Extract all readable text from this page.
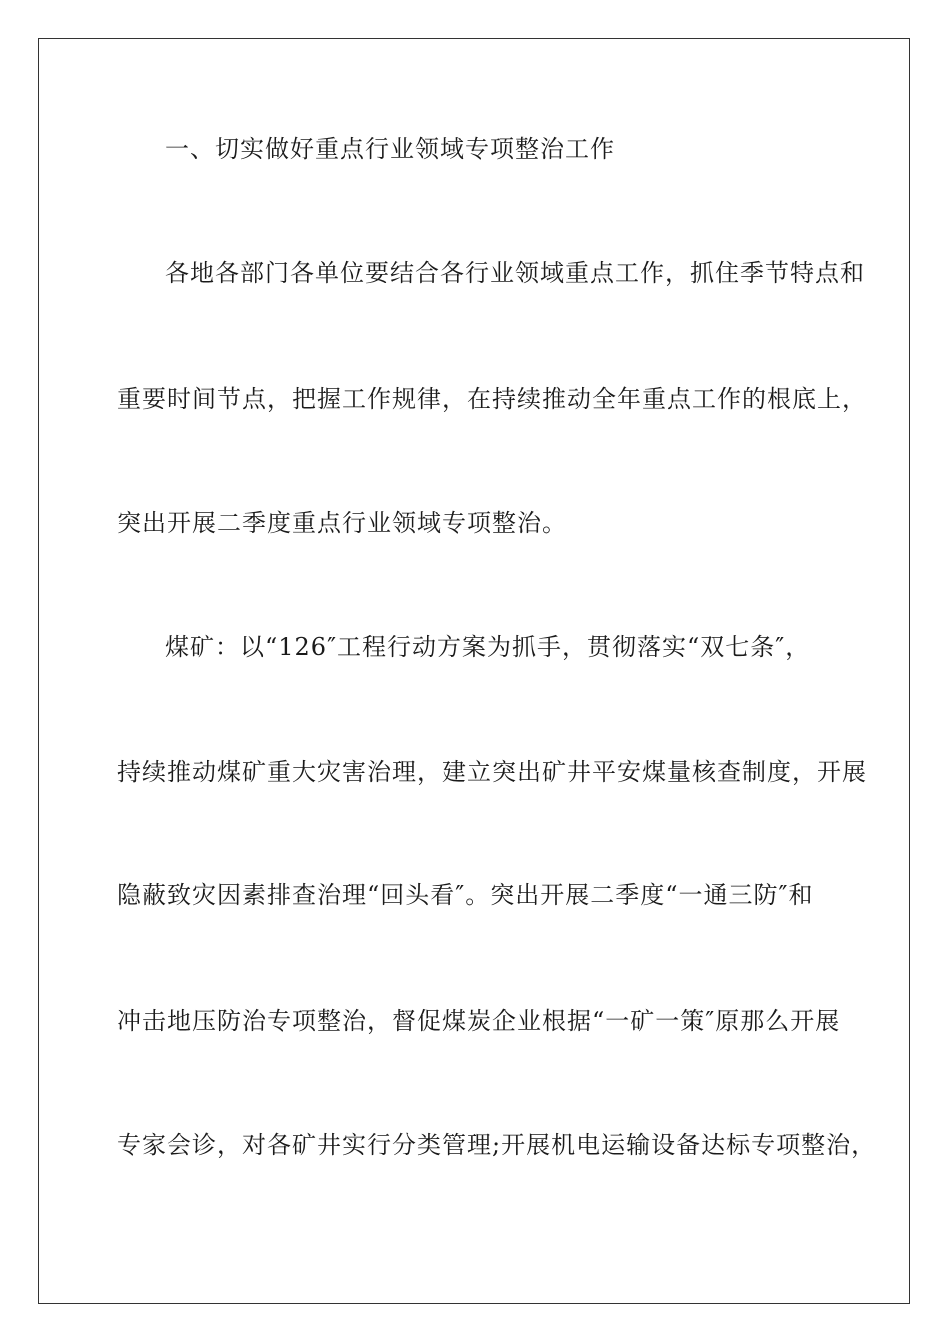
一、切实做好重点行业领域专项整治工作
各地各部门各单位要结合各行业领域重点工作，抓住季节特点和
重要时间节点，把握工作规律，在持续推动全年重点工作的根底上，
突出开展二季度重点行业领域专项整治。
煤矿：以“126″工程行动方案为抓手，贯彻落实“双七条″，
持续推动煤矿重大灾害治理，建立突出矿井平安煤量核查制度，开展
隐蔽致灾因素排查治理“回头看″。突出开展二季度“一通三防″和
冲击地压防治专项整治，督促煤炭企业根据“一矿一策″原那么开展
专家会诊，对各矿井实行分类管理;开展机电运输设备达标专项整治，
